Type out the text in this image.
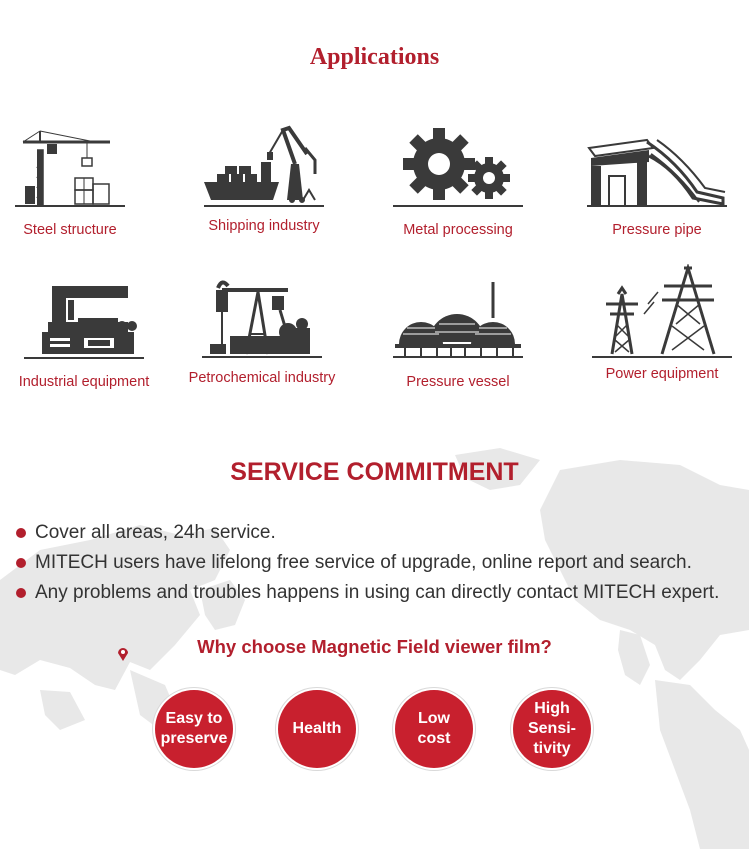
Applications
Steel structure	Shipping industry	Metal processing	Pressure pipe
Industrial equipment	Petrochemical industry	Pressure vessel	Power equipment
SERVICE COMMITMENT
Cover all areas, 24h service.
MITECH users have lifelong free service of upgrade, online report and search.
Any problems and troubles happens in using can directly contact MITECH expert.
Why choose Magnetic Field viewer film?
Easy to
preserve
Health
Low
cost
High
Sensi-
tivity
